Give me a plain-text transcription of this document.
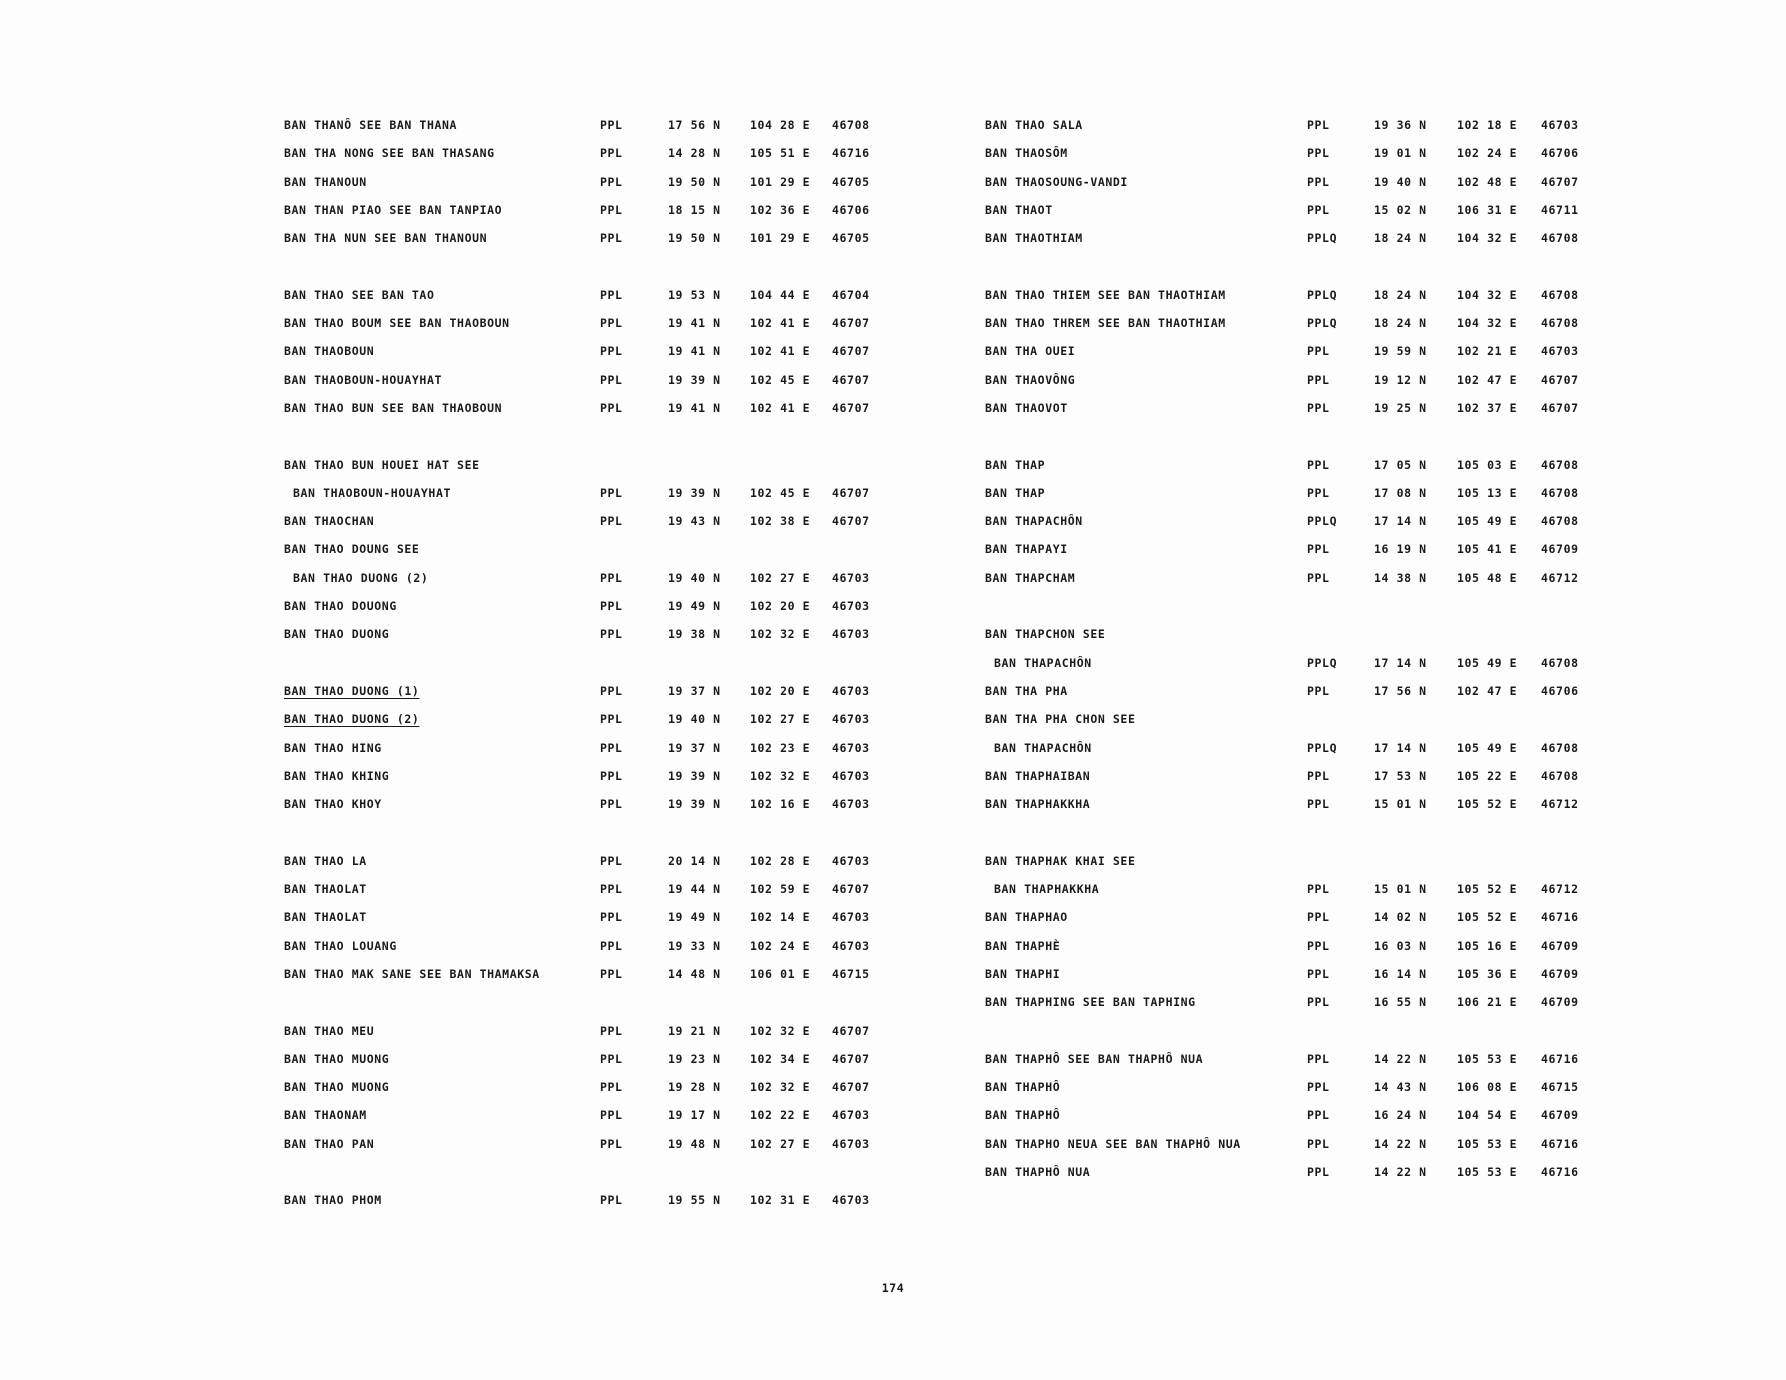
BAN THANÔ SEE BAN THANA	PPL	17 56 N	104 28 E 46708
BAN THA NONG SEE BAN THASANG	PPL	14 28 N	105 51 E 46716
BAN THANOUN	PPL	19 50 N	101 29 E 46705
BAN THAN PIAO SEE BAN TANPIAO	PPL	18 15 N	102 36 E 46706
BAN THA NUN SEE BAN THANOUN	PPL	19 50 N	101 29 E 46705
BAN THAO SEE BAN TAO	PPL	19 53 N	104 44 E 46704
BAN THAO BOUM SEE BAN THAOBOUN	PPL	19 41 N	102 41 E 46707
BAN THAOBOUN	PPL	19 41 N	102 41 E 46707
BAN THAOBOUN-HOUAYHAT	PPL	19 39 N	102 45 E 46707
BAN THAO BUN SEE BAN THAOBOUN	PPL	19 41 N	102 41 E 46707
BAN THAO BUN HOUEI HAT SEE
BAN THAOBOUN-HOUAYHAT	PPL	19 39 N	102 45 E 46707
BAN THAOCHAN	PPL	19 43 N	102 38 E 46707
BAN THAO DOUNG SEE
BAN THAO DUONG (2)	PPL	19 40 N	102 27 E 46703
BAN THAO DOUONG	PPL	19 49 N	102 20 E 46703
BAN THAO DUONG	PPL	19 38 N	102 32 E 46703
BAN THAO DUONG (1)	PPL	19 37 N	102 20 E 46703
BAN THAO DUONG (2)	PPL	19 40 N	102 27 E 46703
BAN THAO HING	PPL	19 37 N	102 23 E 46703
BAN THAO KHING	PPL	19 39 N	102 32 E 46703
BAN THAO KHOY	PPL	19 39 N	102 16 E 46703
BAN THAO LA	PPL	20 14 N	102 28 E 46703
BAN THAOLAT	PPL	19 44 N	102 59 E 46707
BAN THAOLAT	PPL	19 49 N	102 14 E 46703
BAN THAO LOUANG	PPL	19 33 N	102 24 E 46703
BAN THAO MAK SANE SEE BAN THAMAKSA	PPL	14 48 N	106 01 E 46715
BAN THAO MEU	PPL	19 21 N	102 32 E 46707
BAN THAO MUONG	PPL	19 23 N	102 34 E 46707
BAN THAO MUONG	PPL	19 28 N	102 32 E 46707
BAN THAONAM	PPL	19 17 N	102 22 E 46703
BAN THAO PAN	PPL	19 48 N	102 27 E 46703
BAN THAO PHOM	PPL	19 55 N	102 31 E 46703
BAN THAO SALA	PPL	19 36 N	102 18 E 46703
BAN THAOSÔM	PPL	19 01 N	102 24 E 46706
BAN THAOSOUNG-VANDI	PPL	19 40 N	102 48 E 46707
BAN THAOT	PPL	15 02 N	106 31 E 46711
BAN THAOTHIAM	PPLQ	18 24 N	104 32 E 46708
BAN THAO THIEM SEE BAN THAOTHIAM	PPLQ	18 24 N	104 32 E 46708
BAN THAO THREM SEE BAN THAOTHIAM	PPLQ	18 24 N	104 32 E 46708
BAN THA OUEI	PPL	19 59 N	102 21 E 46703
BAN THAOVÔNG	PPL	19 12 N	102 47 E 46707
BAN THAOVOT	PPL	19 25 N	102 37 E 46707
BAN THAP	PPL	17 05 N	105 03 E 46708
BAN THAP	PPL	17 08 N	105 13 E 46708
BAN THAPACHÔN	PPLQ	17 14 N	105 49 E 46708
BAN THAPAYI	PPL	16 19 N	105 41 E 46709
BAN THAPCHAM	PPL	14 38 N	105 48 E 46712
BAN THAPCHON SEE
BAN THAPACHÔN	PPLQ	17 14 N	105 49 E 46708
BAN THA PHA	PPL	17 56 N	102 47 E 46706
BAN THA PHA CHON SEE
BAN THAPACHÔN	PPLQ	17 14 N	105 49 E 46708
BAN THAPHAIBAN	PPL	17 53 N	105 22 E 46708
BAN THAPHAKKHA	PPL	15 01 N	105 52 E 46712
BAN THAPHAK KHAI SEE
BAN THAPHAKKHA	PPL	15 01 N	105 52 E 46712
BAN THAPHAO	PPL	14 02 N	105 52 E 46716
BAN THAPHÈ	PPL	16 03 N	105 16 E 46709
BAN THAPHI	PPL	16 14 N	105 36 E 46709
BAN THAPHING SEE BAN TAPHING	PPL	16 55 N	106 21 E 46709
BAN THAPHÔ SEE BAN THAPHÔ NUA	PPL	14 22 N	105 53 E 46716
BAN THAPHÔ	PPL	14 43 N	106 08 E 46715
BAN THAPHÔ	PPL	16 24 N	104 54 E 46709
BAN THAPHO NEUA SEE BAN THAPHÔ NUA	PPL	14 22 N	105 53 E 46716
BAN THAPHÔ NUA	PPL	14 22 N	105 53 E 46716
174
